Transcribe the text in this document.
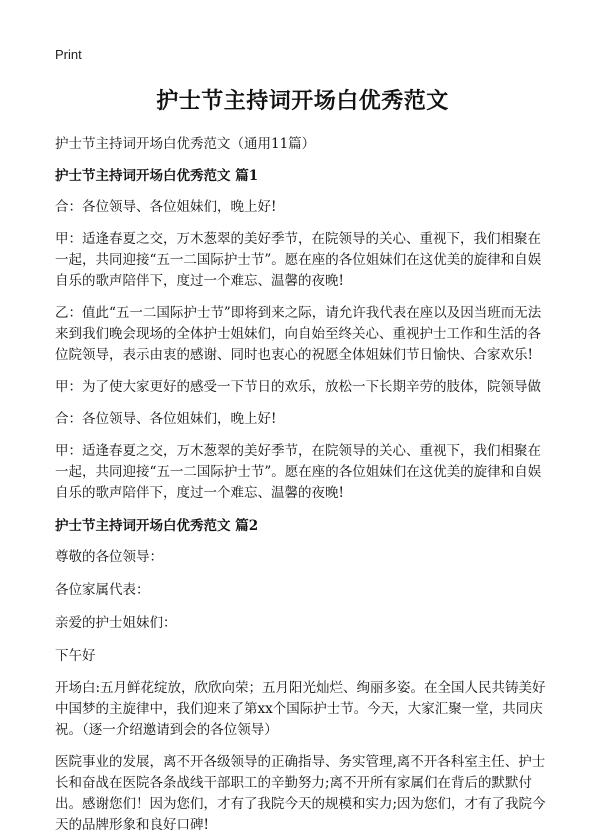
Print
护士节主持词开场白优秀范文

护士节主持词开场白优秀范文（通用11篇）

护士节主持词开场白优秀范文 篇1

合：各位领导、各位姐妹们，晚上好!

甲：适逢春夏之交，万木葱翠的美好季节，在院领导的关心、重视下，我们相聚在一起，共同迎接“五一二国际护士节”。愿在座的各位姐妹们在这优美的旋律和自娱自乐的歌声陪伴下，度过一个难忘、温馨的夜晚!

乙：值此“五一二国际护士节”即将到来之际，请允许我代表在座以及因当班而无法来到我们晚会现场的全体护士姐妹们，向自始至终关心、重视护士工作和生活的各位院领导，表示由衷的感谢、同时也衷心的祝愿全体姐妹们节日愉快、合家欢乐!

甲：为了使大家更好的感受一下节日的欢乐，放松一下长期辛劳的肢体，院领导做

合：各位领导、各位姐妹们，晚上好!

甲：适逢春夏之交，万木葱翠的美好季节，在院领导的关心、重视下，我们相聚在一起，共同迎接“五一二国际护士节”。愿在座的各位姐妹们在这优美的旋律和自娱自乐的歌声陪伴下，度过一个难忘、温馨的夜晚!

护士节主持词开场白优秀范文 篇2

尊敬的各位领导：

各位家属代表：

亲爱的护士姐妹们：

下午好

开场白:五月鲜花绽放，欣欣向荣；五月阳光灿烂、绚丽多姿。在全国人民共铸美好中国梦的主旋律中，我们迎来了第xx个国际护士节。今天，大家汇聚一堂，共同庆祝。（逐一介绍邀请到会的各位领导）

医院事业的发展，离不开各级领导的正确指导、务实管理,离不开各科室主任、护士长和奋战在医院各条战线干部职工的辛勤努力;离不开所有家属们在背后的默默付出。感谢您们！因为您们，才有了我院今天的规模和实力;因为您们，才有了我院今天的品牌形象和良好口碑!
